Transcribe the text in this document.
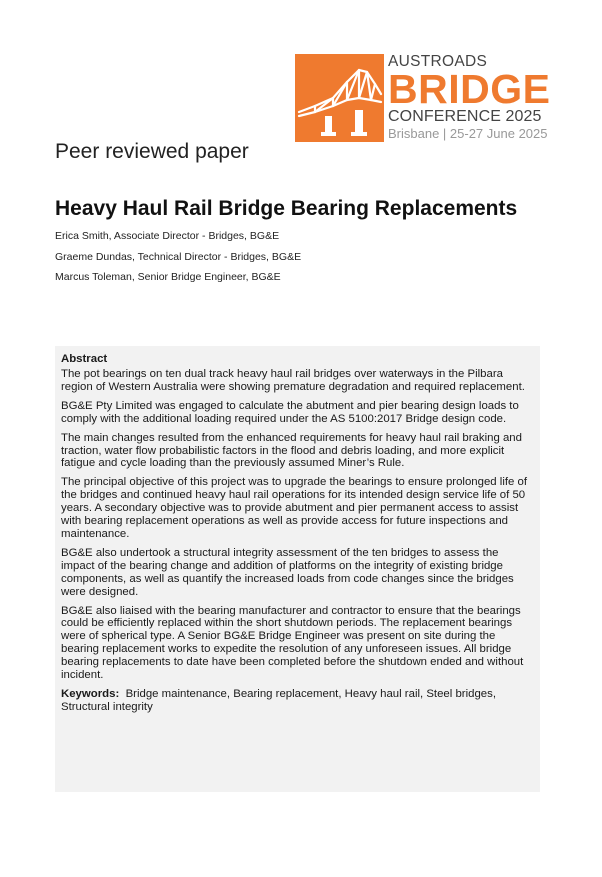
AUSTROADS
BRIDGE
CONFERENCE 2025
Brisbane | 25-27 June 2025
Peer reviewed paper
Heavy Haul Rail Bridge Bearing Replacements
Erica Smith, Associate Director - Bridges, BG&E
Graeme Dundas, Technical Director - Bridges, BG&E
Marcus Toleman, Senior Bridge Engineer, BG&E
Abstract

The pot bearings on ten dual track heavy haul rail bridges over waterways in the Pilbara region of Western Australia were showing premature degradation and required replacement.

BG&E Pty Limited was engaged to calculate the abutment and pier bearing design loads to comply with the additional loading required under the AS 5100:2017 Bridge design code.

The main changes resulted from the enhanced requirements for heavy haul rail braking and traction, water flow probabilistic factors in the flood and debris loading, and more explicit fatigue and cycle loading than the previously assumed Miner’s Rule.

The principal objective of this project was to upgrade the bearings to ensure prolonged life of the bridges and continued heavy haul rail operations for its intended design service life of 50 years. A secondary objective was to provide abutment and pier permanent access to assist with bearing replacement operations as well as provide access for future inspections and maintenance.

BG&E also undertook a structural integrity assessment of the ten bridges to assess the impact of the bearing change and addition of platforms on the integrity of existing bridge components, as well as quantify the increased loads from code changes since the bridges were designed.

BG&E also liaised with the bearing manufacturer and contractor to ensure that the bearings could be efficiently replaced within the short shutdown periods. The replacement bearings were of spherical type. A Senior BG&E Bridge Engineer was present on site during the bearing replacement works to expedite the resolution of any unforeseen issues. All bridge bearing replacements to date have been completed before the shutdown ended and without incident.

Keywords: Bridge maintenance, Bearing replacement, Heavy haul rail, Steel bridges, Structural integrity
